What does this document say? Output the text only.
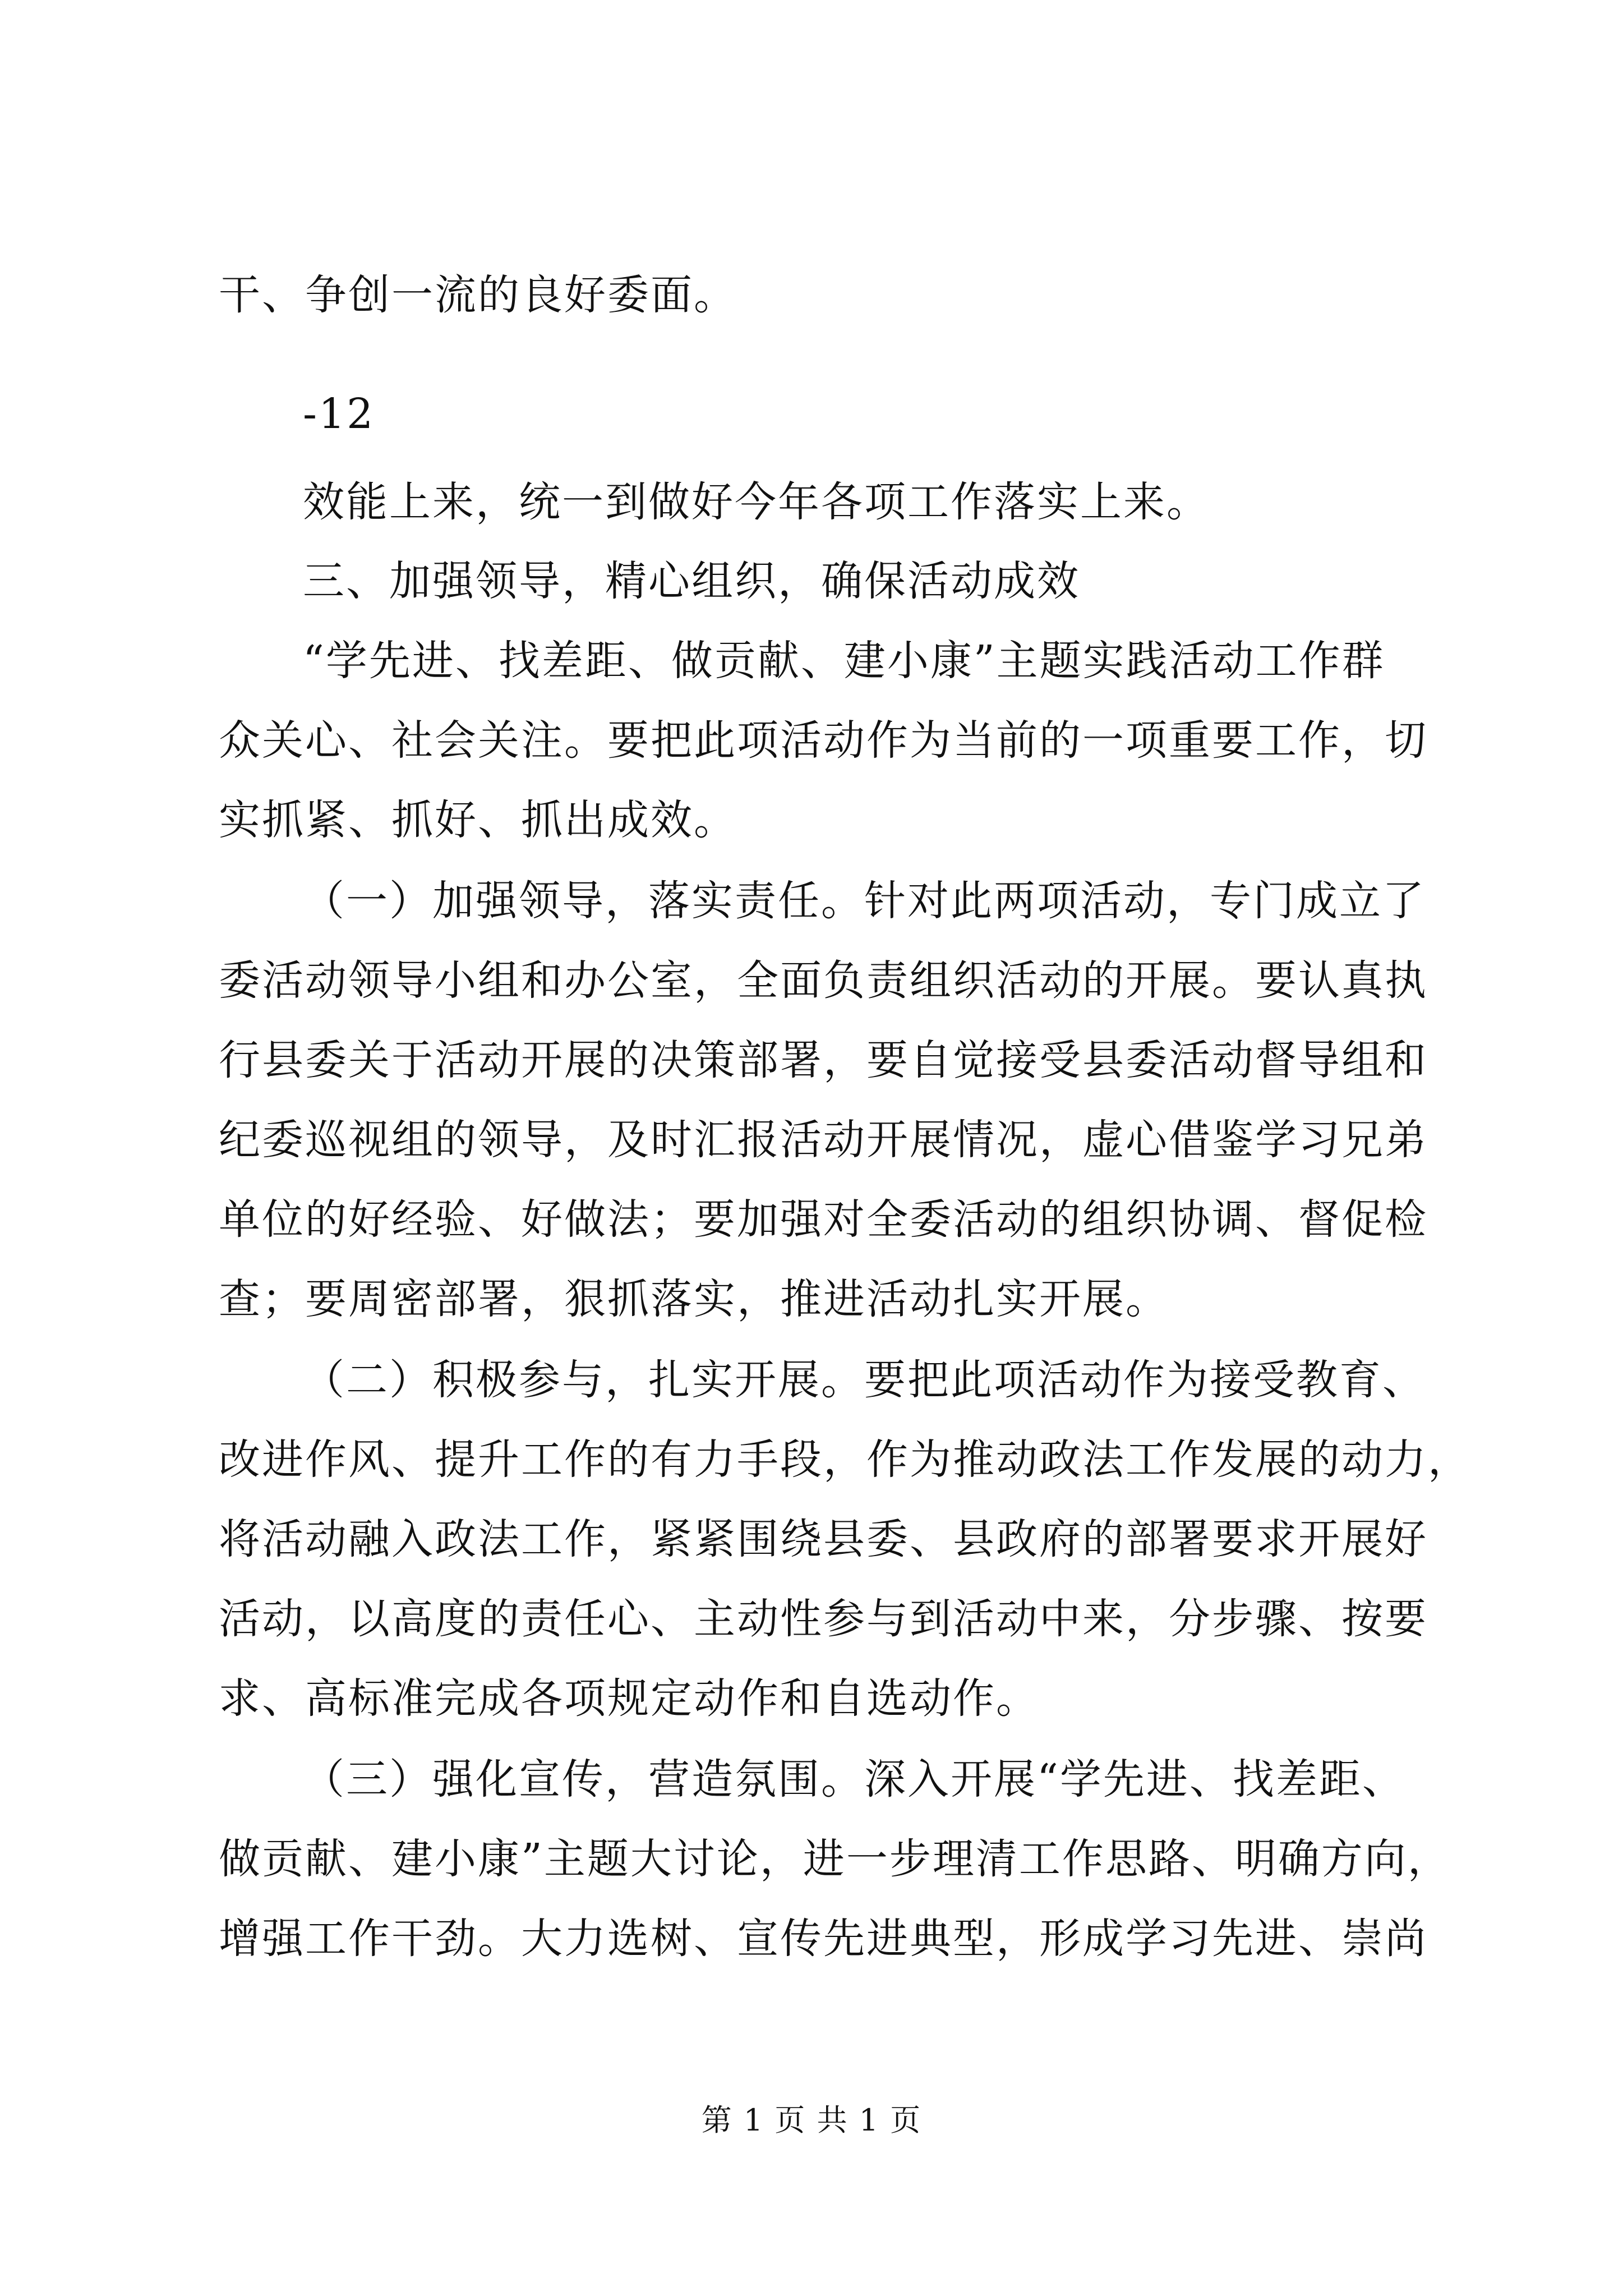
干、争创一流的良好委面。
-12
效能上来，统一到做好今年各项工作落实上来。
三、加强领导，精心组织，确保活动成效
“学先进、找差距、做贡献、建小康”主题实践活动工作群
众关心、社会关注。要把此项活动作为当前的一项重要工作，切
实抓紧、抓好、抓出成效。
（一）加强领导，落实责任。针对此两项活动，专门成立了
委活动领导小组和办公室，全面负责组织活动的开展。要认真执
行县委关于活动开展的决策部署，要自觉接受县委活动督导组和
纪委巡视组的领导，及时汇报活动开展情况，虚心借鉴学习兄弟
单位的好经验、好做法；要加强对全委活动的组织协调、督促检
查；要周密部署，狠抓落实，推进活动扎实开展。
（二）积极参与，扎实开展。要把此项活动作为接受教育、
改进作风、提升工作的有力手段，作为推动政法工作发展的动力，
将活动融入政法工作，紧紧围绕县委、县政府的部署要求开展好
活动，以高度的责任心、主动性参与到活动中来，分步骤、按要
求、高标准完成各项规定动作和自选动作。
（三）强化宣传，营造氛围。深入开展“学先进、找差距、
做贡献、建小康”主题大讨论，进一步理清工作思路、明确方向，
增强工作干劲。大力选树、宣传先进典型，形成学习先进、崇尚
第 1 页 共 1 页
